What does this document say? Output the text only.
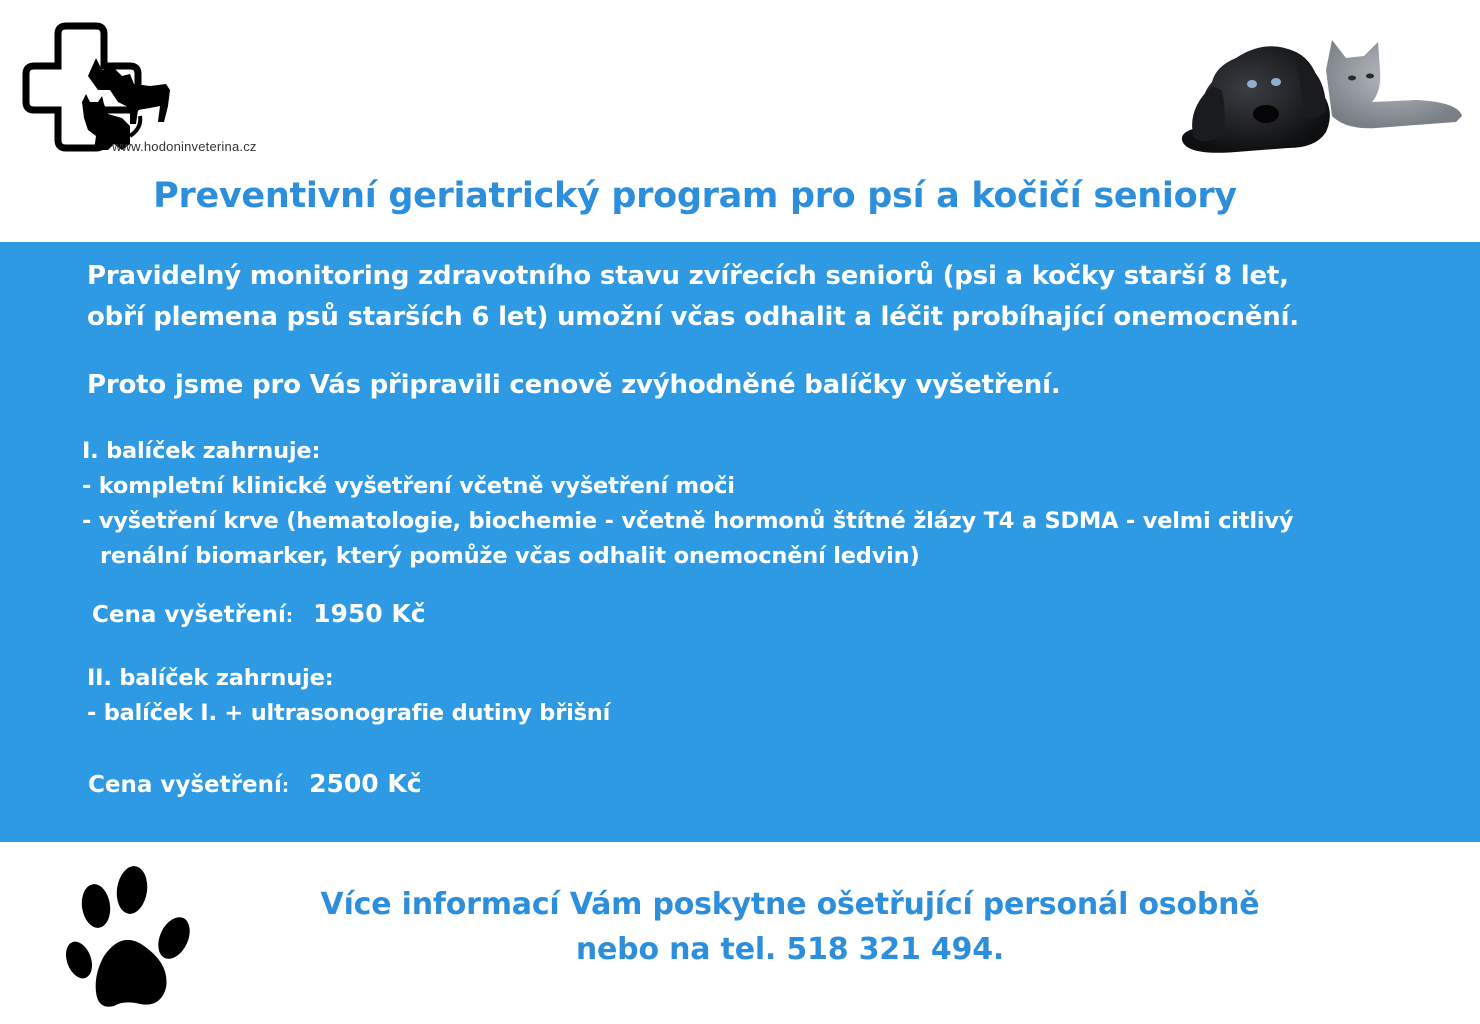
www.hodoninveterina.cz
Preventivní geriatrický program pro psí a kočičí seniory
Pravidelný monitoring zdravotního stavu zvířecích seniorů (psi a kočky starší 8 let,
obří plemena psů starších 6 let) umožní včas odhalit a léčit probíhající onemocnění.
Proto jsme pro Vás připravili cenově zvýhodněné balíčky vyšetření.
I. balíček zahrnuje:
- kompletní klinické vyšetření včetně vyšetření moči
- vyšetření krve (hematologie, biochemie - včetně hormonů štítné žlázy T4 a SDMA - velmi citlivý
renální biomarker, který pomůže včas odhalit onemocnění ledvin)
Cena vyšetření: 1950 Kč
II. balíček zahrnuje:
- balíček I. + ultrasonografie dutiny břišní
Cena vyšetření: 2500 Kč
Více informací Vám poskytne ošetřující personál osobně
nebo na tel. 518 321 494.
